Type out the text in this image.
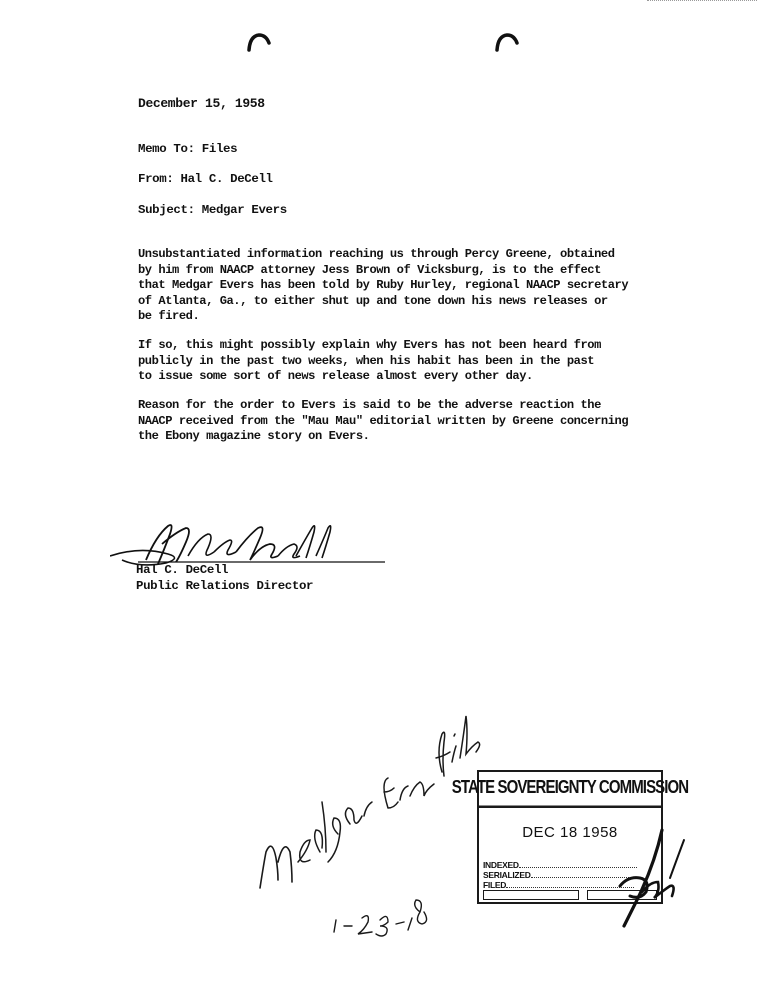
December 15, 1958
Memo To: Files
From: Hal C. DeCell
Subject: Medgar Evers
Unsubstantiated information reaching us through Percy Greene, obtained
by him from NAACP attorney Jess Brown of Vicksburg, is to the effect
that Medgar Evers has been told by Ruby Hurley, regional NAACP secretary
of Atlanta, Ga., to either shut up and tone down his news releases or
be fired.
If so, this might possibly explain why Evers has not been heard from
publicly in the past two weeks, when his habit has been in the past
to issue some sort of news release almost every other day.
Reason for the order to Evers is said to be the adverse reaction the
NAACP received from the "Mau Mau" editorial written by Greene concerning
the Ebony magazine story on Evers.
Hal C. DeCell
Public Relations Director
STATE SOVEREIGNTY COMMISSION
DEC 18 1958
INDEXED
SERIALIZED
FILED
